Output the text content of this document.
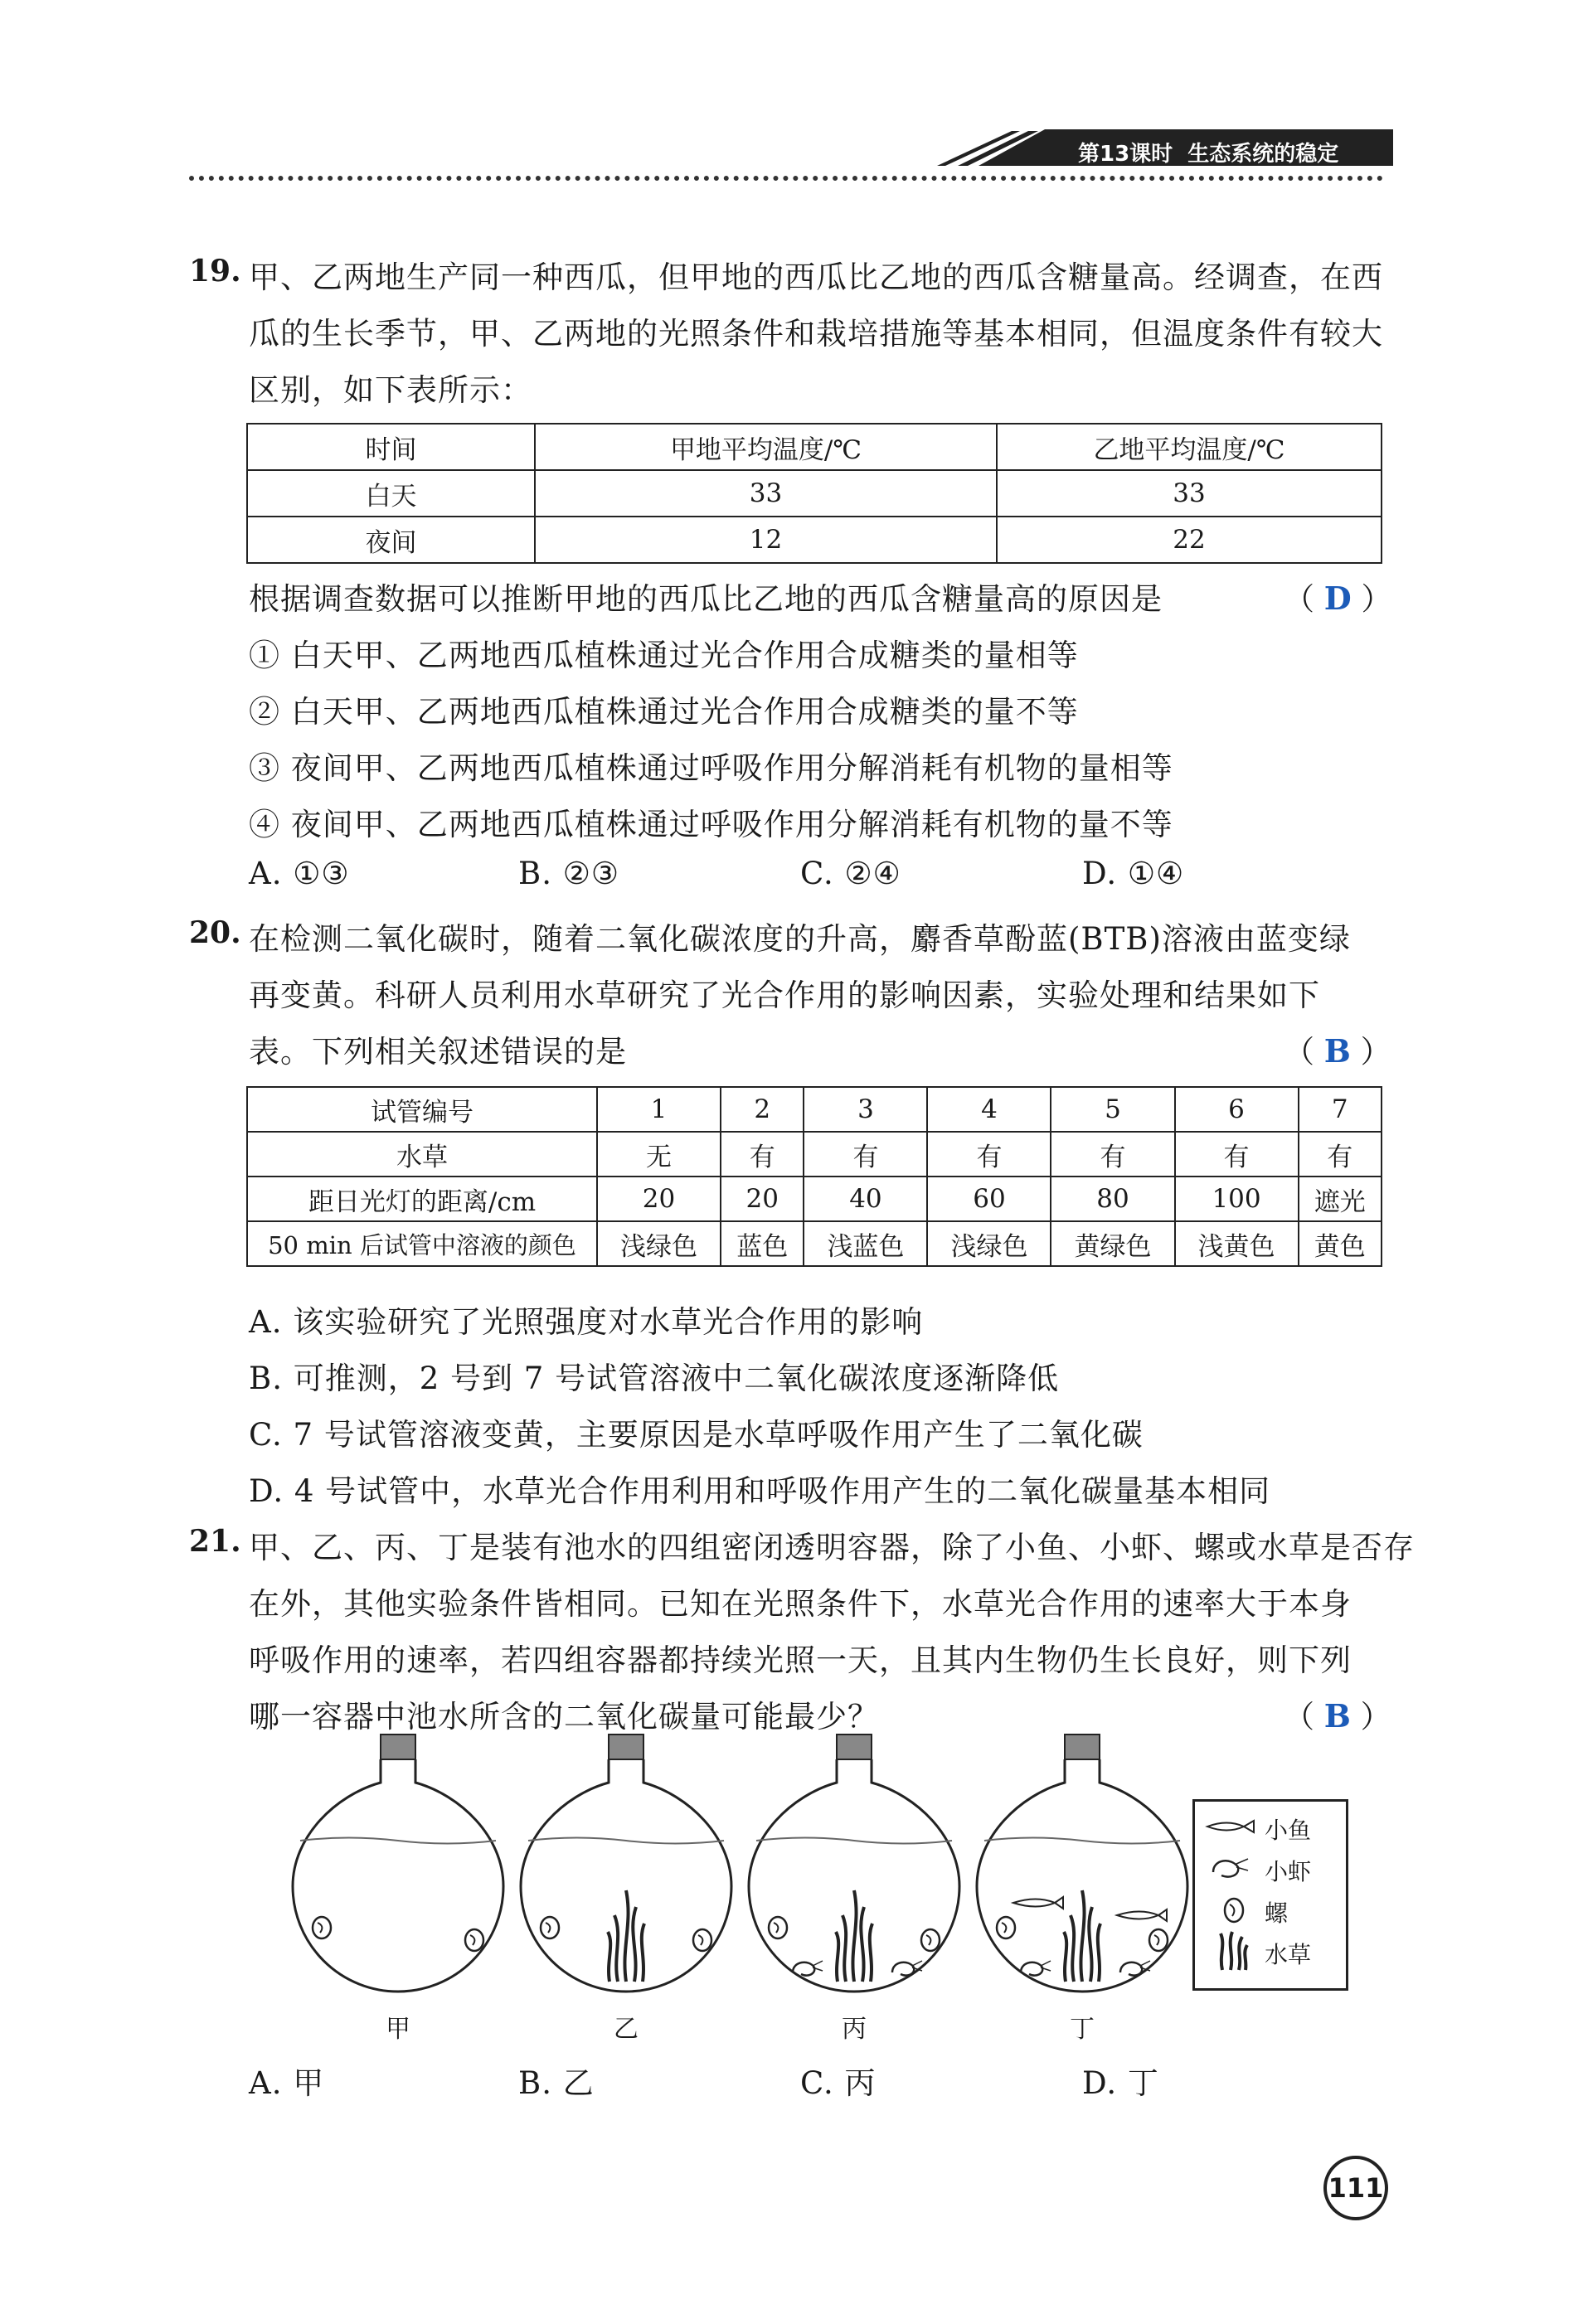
第13课时 生态系统的稳定
19. 甲、乙两地生产同一种西瓜，但甲地的西瓜比乙地的西瓜含糖量高。经调查，在西
瓜的生长季节，甲、乙两地的光照条件和栽培措施等基本相同，但温度条件有较大
区别，如下表所示：
时间	甲地平均温度/℃	乙地平均温度/℃
白天	33	33
夜间	12	22
根据调查数据可以推断甲地的西瓜比乙地的西瓜含糖量高的原因是	（ D ）
① 白天甲、乙两地西瓜植株通过光合作用合成糖类的量相等
② 白天甲、乙两地西瓜植株通过光合作用合成糖类的量不等
③ 夜间甲、乙两地西瓜植株通过呼吸作用分解消耗有机物的量相等
④ 夜间甲、乙两地西瓜植株通过呼吸作用分解消耗有机物的量不等
A. ①③	B. ②③	C. ②④	D. ①④
20. 在检测二氧化碳时，随着二氧化碳浓度的升高，麝香草酚蓝(BTB)溶液由蓝变绿
再变黄。科研人员利用水草研究了光合作用的影响因素，实验处理和结果如下
表。下列相关叙述错误的是	（ B ）
试管编号	1	2	3	4	5	6	7
水草	无	有	有	有	有	有	有
距日光灯的距离/cm	20	20	40	60	80	100	遮光
50 min 后试管中溶液的颜色	浅绿色	蓝色	浅蓝色	浅绿色	黄绿色	浅黄色	黄色
A. 该实验研究了光照强度对水草光合作用的影响
B. 可推测，2 号到 7 号试管溶液中二氧化碳浓度逐渐降低
C. 7 号试管溶液变黄，主要原因是水草呼吸作用产生了二氧化碳
D. 4 号试管中，水草光合作用利用和呼吸作用产生的二氧化碳量基本相同
21. 甲、乙、丙、丁是装有池水的四组密闭透明容器，除了小鱼、小虾、螺或水草是否存
在外，其他实验条件皆相同。已知在光照条件下，水草光合作用的速率大于本身
呼吸作用的速率，若四组容器都持续光照一天，且其内生物仍生长良好，则下列
哪一容器中池水所含的二氧化碳量可能最少？	（ B ）
甲	乙	丙	丁
小鱼
小虾
螺
水草
A. 甲	B. 乙	C. 丙	D. 丁
111
